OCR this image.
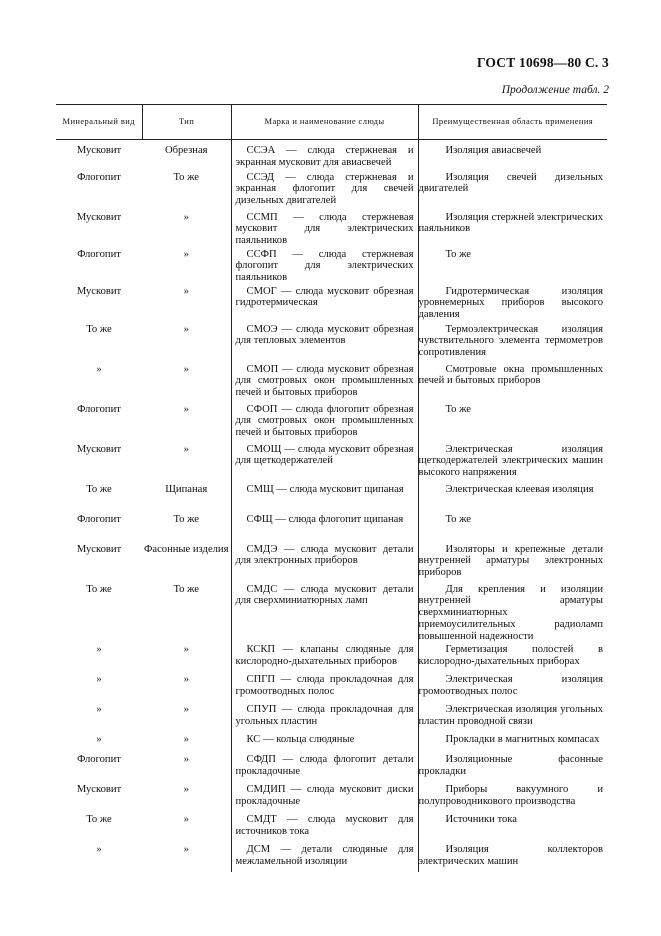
ГОСТ 10698—80 С. 3
Продолжение табл. 2
Минеральный вид	Тип	Марка и наименование слюды	Преимущественная область применения
Мусковит	Обрезная	ССЭА — слюда стержневая и экранная мусковит для авиасвечей	Изоляция авиасвечей

Флогопит	То же	ССЭД — слюда стержневая и экранная флогопит для свечей дизельных двигателей	Изоляция свечей дизельных двигателей

Мусковит	»	ССМП — слюда стержневая мусковит для электрических паяльников	Изоляция стержней электрических паяльников

Флогопит	»	ССФП — слюда стержневая флогопит для электрических паяльников	То же

Мусковит	»	СМОГ — слюда мусковит обрезная гидротермическая	Гидротермическая изоляция уровнемерных приборов высокого давления

То же	»	СМОЭ — слюда мусковит обрезная для тепловых элементов	Термоэлектрическая изоляция чувствительного элемента термометров сопротивления

»	»	СМОП — слюда мусковит обрезная для смотровых окон промышленных печей и бытовых приборов	Смотровые окна промышленных печей и бытовых приборов

Флогопит	»	СФОП — слюда флогопит обрезная для смотровых окон промышленных печей и бытовых приборов	То же

Мусковит	»	СМОЩ — слюда мусковит обрезная для щеткодержателей	Электрическая изоляция щеткодержателей электрических машин высокого напряжения

То же	Щипаная	СМЩ — слюда мусковит щипаная	Электрическая клеевая изоляция

Флогопит	То же	СФЩ — слюда флогопит щипаная	То же

Мусковит	Фасонные изделия	СМДЭ — слюда мусковит детали для электронных приборов	Изоляторы и крепежные детали внутренней арматуры электронных приборов

То же	То же	СМДС — слюда мусковит детали для сверхминиатюрных ламп	Для крепления и изоляции внутренней арматуры сверхминиатюрных приемоусилительных радиоламп повышенной надежности

»	»	КСКП — клапаны слюдяные для кислородно-дыхательных приборов	Герметизация полостей в кислородно-дыхательных приборах

»	»	СПГП — слюда прокладочная для громоотводных полос	Электрическая изоляция громоотводных полос

»	»	СПУП — слюда прокладочная для угольных пластин	Электрическая изоляция угольных пластин проводной связи

»	»	КС — кольца слюдяные	Прокладки в магнитных компасах

Флогопит	»	СФДП — слюда флогопит детали прокладочные	Изоляционные фасонные прокладки

Мусковит	»	СМДИП — слюда мусковит диски прокладочные	Приборы вакуумного и полупроводникового производства

То же	»	СМДТ — слюда мусковит для источников тока	Источники тока

»	»	ДСМ — детали слюдяные для межламельной изоляции	Изоляция коллекторов электрических машин
